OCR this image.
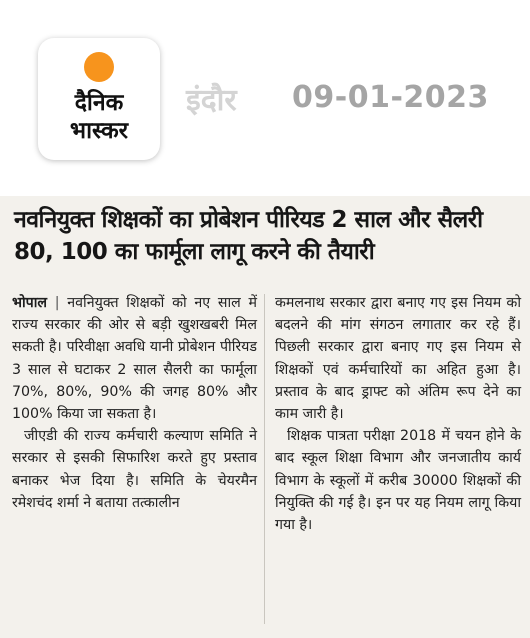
दैनिक
भास्कर
इंदौर 09-01-2023
नवनियुक्त शिक्षकों का प्रोबेशन पीरियड 2 साल और सैलरी 80, 100 का फार्मूला लागू करने की तैयारी

भोपाल | नवनियुक्त शिक्षकों को नए साल में राज्य सरकार की ओर से बड़ी खुशखबरी मिल सकती है। परिवीक्षा अवधि यानी प्रोबेशन पीरियड 3 साल से घटाकर 2 साल सैलरी का फार्मूला 70%, 80%, 90% की जगह 80% और 100% किया जा सकता है।

जीएडी की राज्य कर्मचारी कल्याण समिति ने सरकार से इसकी सिफारिश करते हुए प्रस्ताव बनाकर भेज दिया है। समिति के चेयरमैन रमेशचंद शर्मा ने बताया तत्कालीन

कमलनाथ सरकार द्वारा बनाए गए इस नियम को बदलने की मांग संगठन लगातार कर रहे हैं। पिछली सरकार द्वारा बनाए गए इस नियम से शिक्षकों एवं कर्मचारियों का अहित हुआ है। प्रस्ताव के बाद ड्राफ्ट को अंतिम रूप देने का काम जारी है।

शिक्षक पात्रता परीक्षा 2018 में चयन होने के बाद स्कूल शिक्षा विभाग और जनजातीय कार्य विभाग के स्कूलों में करीब 30000 शिक्षकों की नियुक्ति की गई है। इन पर यह नियम लागू किया गया है।
